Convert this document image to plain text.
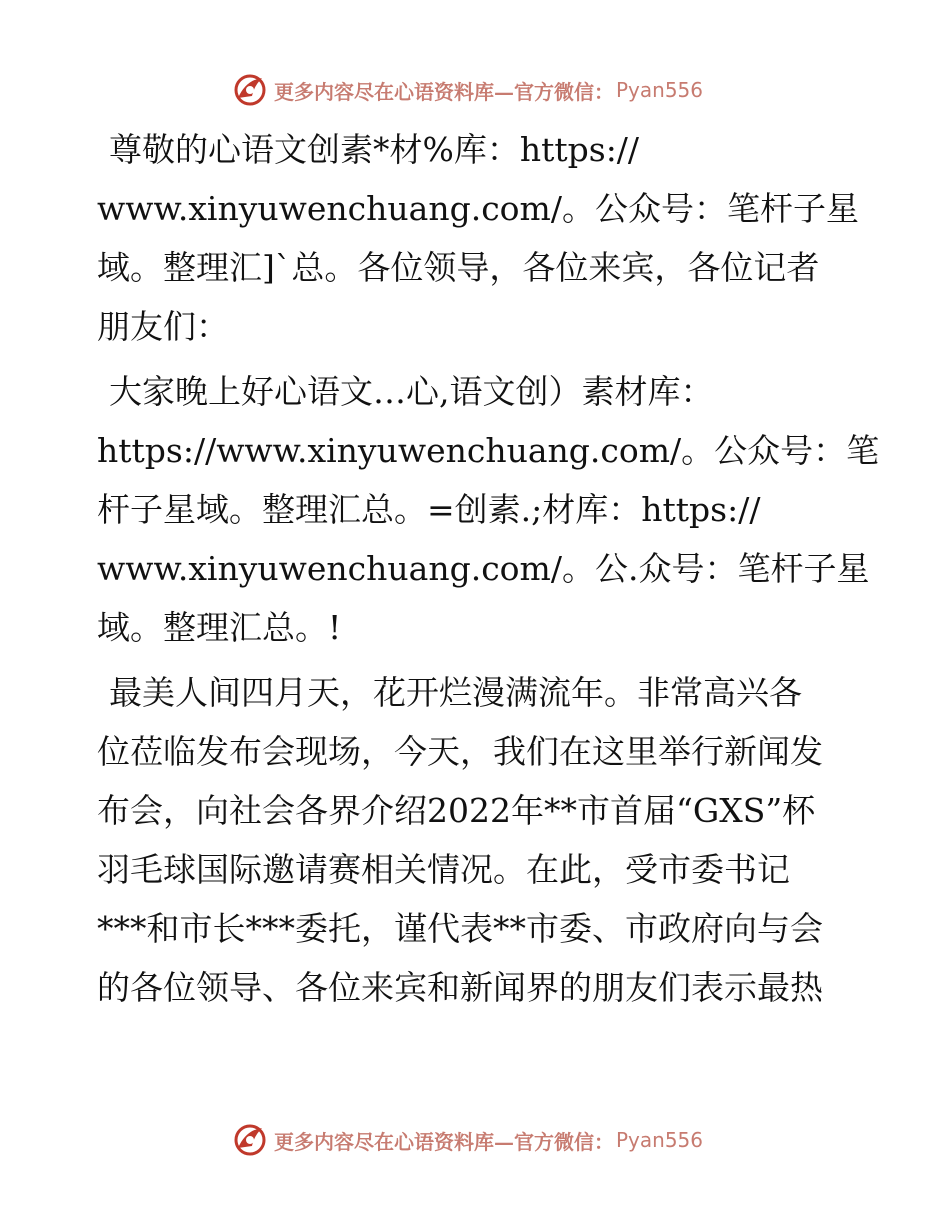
更多内容尽在心语资料库—官方微信： Pyan556
尊敬的心语文创素*材%库：https://
www.xinyuwenchuang.com/。公众号：笔杆子星
域。整理汇]`总。各位领导，各位来宾，各位记者
朋友们：
大家晚上好心语文…心,语文创）素材库：
https://www.xinyuwenchuang.com/。公众号：笔
杆子星域。整理汇总。=创素.;材库：https://
www.xinyuwenchuang.com/。公.众号：笔杆子星
域。整理汇总。!
最美人间四月天，花开烂漫满流年。非常高兴各
位莅临发布会现场，今天，我们在这里举行新闻发
布会，向社会各界介绍2022年**市首届“GXS”杯
羽毛球国际邀请赛相关情况。在此，受市委书记
***和市长***委托，谨代表**市委、市政府向与会
的各位领导、各位来宾和新闻界的朋友们表示最热
更多内容尽在心语资料库—官方微信： Pyan556
